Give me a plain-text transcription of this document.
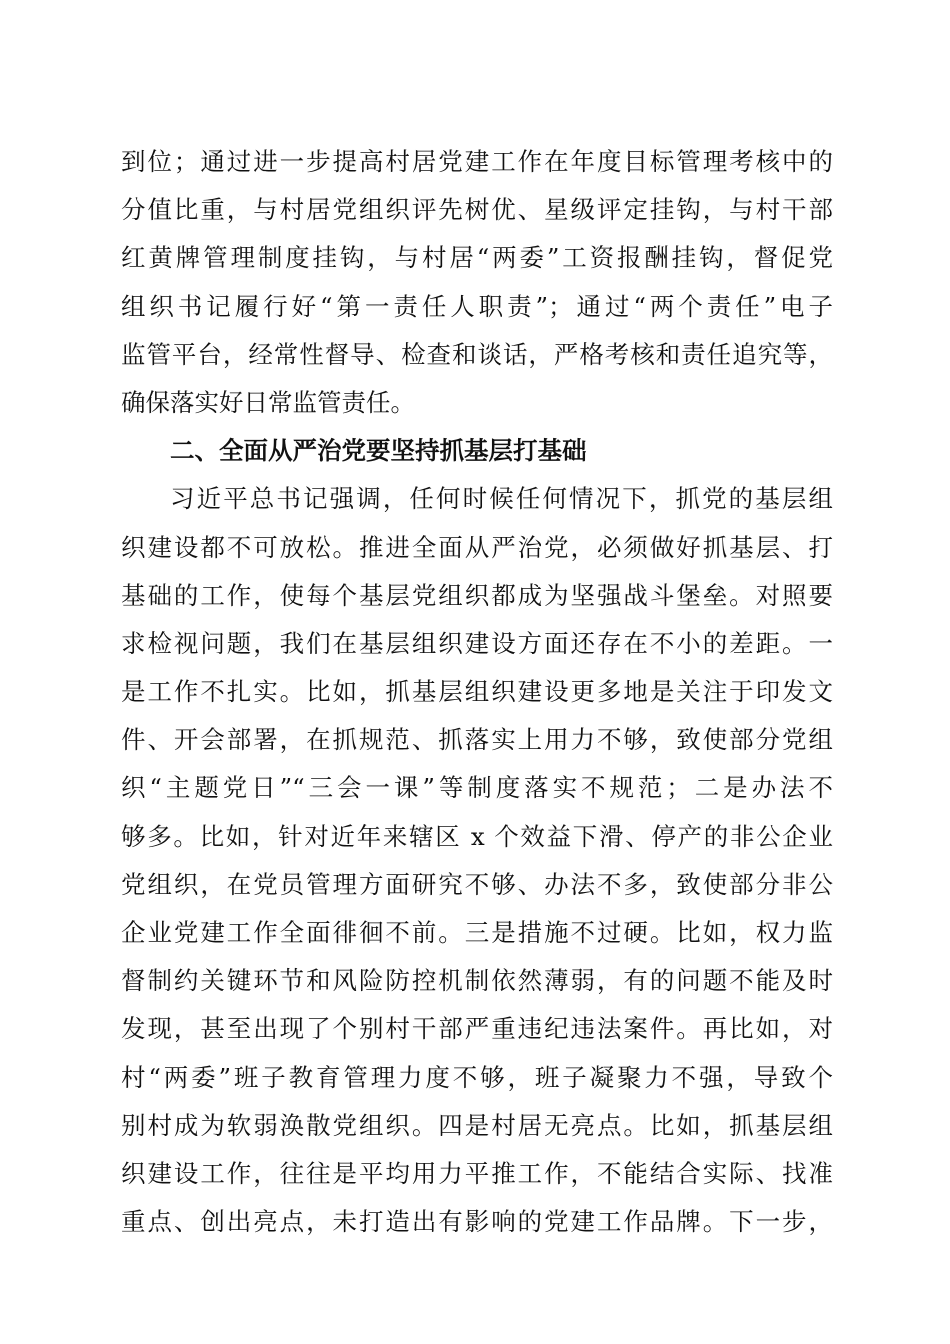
到位；通过进一步提高村居党建工作在年度目标管理考核中的
分值比重，与村居党组织评先树优、星级评定挂钩，与村干部
红黄牌管理制度挂钩，与村居“两委”工资报酬挂钩，督促党
组织书记履行好“第一责任人职责”；通过“两个责任”电子
监管平台，经常性督导、检查和谈话，严格考核和责任追究等，
确保落实好日常监管责任。
二、全面从严治党要坚持抓基层打基础
习近平总书记强调，任何时候任何情况下，抓党的基层组
织建设都不可放松。推进全面从严治党，必须做好抓基层、打
基础的工作，使每个基层党组织都成为坚强战斗堡垒。对照要
求检视问题，我们在基层组织建设方面还存在不小的差距。一
是工作不扎实。比如，抓基层组织建设更多地是关注于印发文
件、开会部署，在抓规范、抓落实上用力不够，致使部分党组
织“主题党日”“三会一课”等制度落实不规范；二是办法不
够多。比如，针对近年来辖区 x 个效益下滑、停产的非公企业
党组织，在党员管理方面研究不够、办法不多，致使部分非公
企业党建工作全面徘徊不前。三是措施不过硬。比如，权力监
督制约关键环节和风险防控机制依然薄弱，有的问题不能及时
发现，甚至出现了个别村干部严重违纪违法案件。再比如，对
村“两委”班子教育管理力度不够，班子凝聚力不强，导致个
别村成为软弱涣散党组织。四是村居无亮点。比如，抓基层组
织建设工作，往往是平均用力平推工作，不能结合实际、找准
重点、创出亮点，未打造出有影响的党建工作品牌。下一步，
